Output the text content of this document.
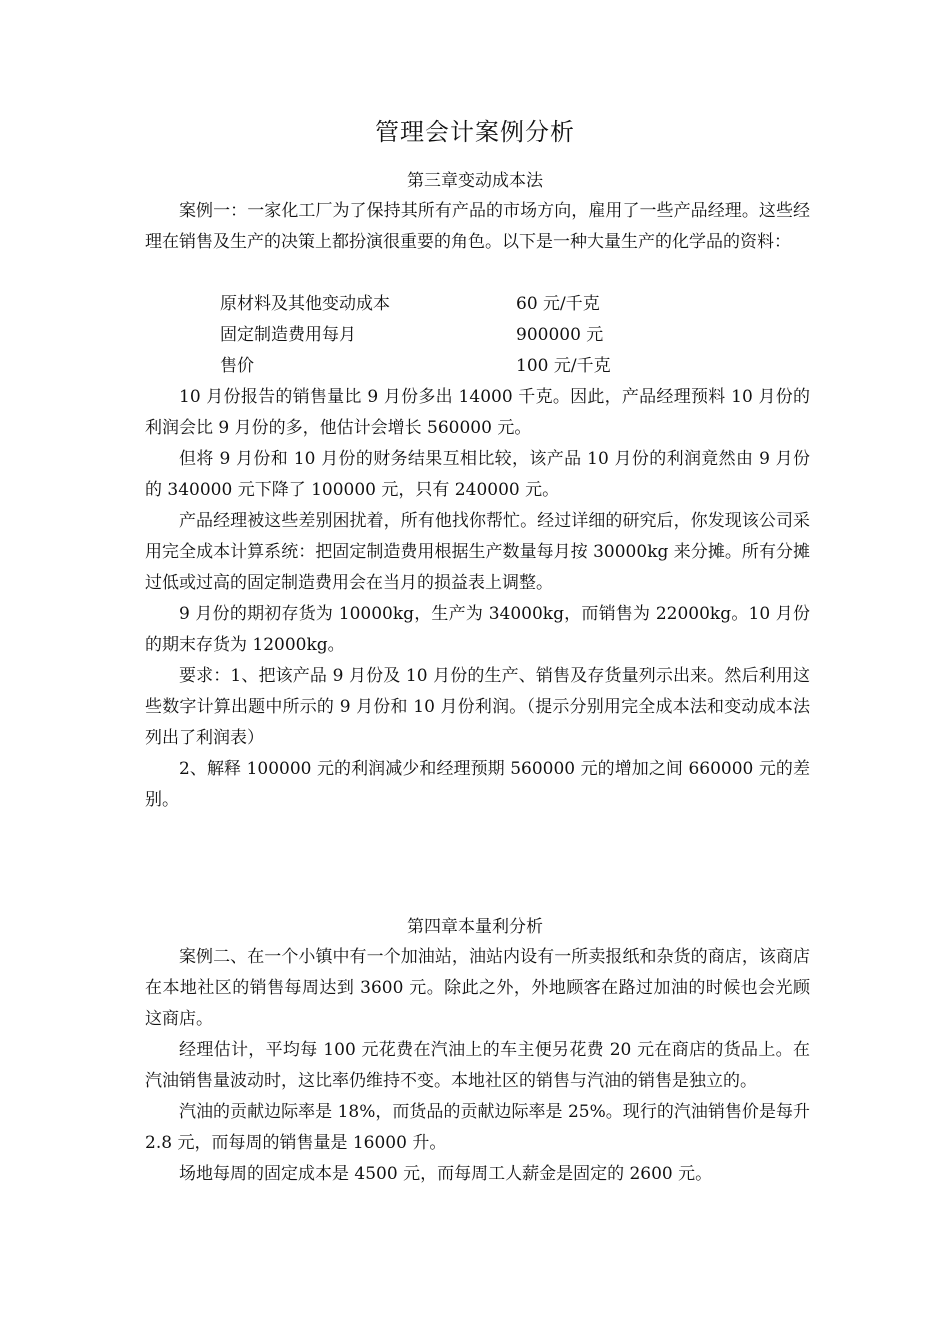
管理会计案例分析
第三章变动成本法

案例一：一家化工厂为了保持其所有产品的市场方向，雇用了一些产品经理。这些经理在销售及生产的决策上都扮演很重要的角色。以下是一种大量生产的化学品的资料：

原材料及其他变动成本	60 元/千克
固定制造费用每月	900000 元
售价	100 元/千克

10 月份报告的销售量比 9 月份多出 14000 千克。因此，产品经理预料 10 月份的利润会比 9 月份的多，他估计会增长 560000 元。

但将 9 月份和 10 月份的财务结果互相比较，该产品 10 月份的利润竟然由 9 月份的 340000 元下降了 100000 元，只有 240000 元。

产品经理被这些差别困扰着，所有他找你帮忙。经过详细的研究后，你发现该公司采用完全成本计算系统：把固定制造费用根据生产数量每月按 30000kg 来分摊。所有分摊过低或过高的固定制造费用会在当月的损益表上调整。

9 月份的期初存货为 10000kg，生产为 34000kg，而销售为 22000kg。10 月份的期末存货为 12000kg。

要求：1、把该产品 9 月份及 10 月份的生产、销售及存货量列示出来。然后利用这些数字计算出题中所示的 9 月份和 10 月份利润。（提示分别用完全成本法和变动成本法列出了利润表）

2、解释 100000 元的利润减少和经理预期 560000 元的增加之间 660000 元的差别。

第四章本量利分析

案例二、在一个小镇中有一个加油站，油站内设有一所卖报纸和杂货的商店，该商店在本地社区的销售每周达到 3600 元。除此之外，外地顾客在路过加油的时候也会光顾这商店。

经理估计，平均每 100 元花费在汽油上的车主便另花费 20 元在商店的货品上。在汽油销售量波动时，这比率仍维持不变。本地社区的销售与汽油的销售是独立的。

汽油的贡献边际率是 18%，而货品的贡献边际率是 25%。现行的汽油销售价是每升 2.8 元，而每周的销售量是 16000 升。

场地每周的固定成本是 4500 元，而每周工人薪金是固定的 2600 元。
